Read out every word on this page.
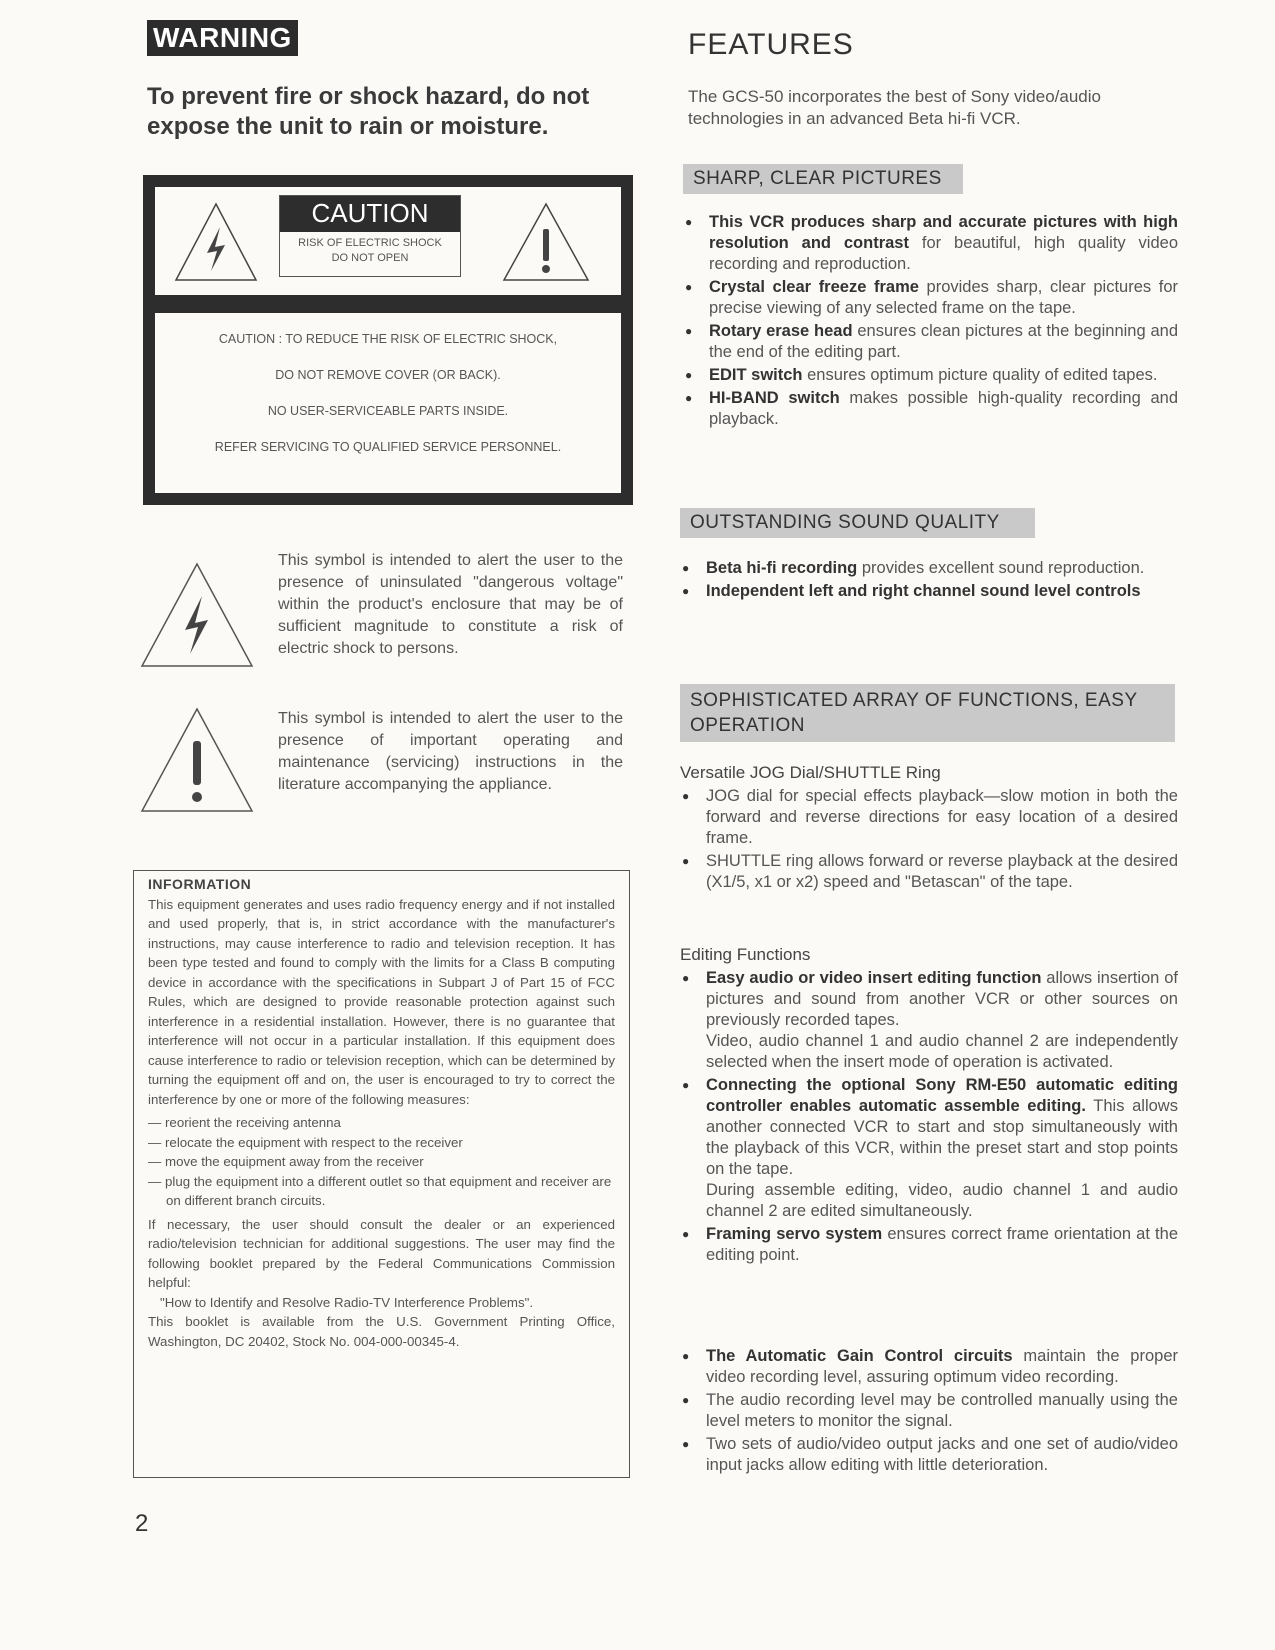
WARNING
To prevent fire or shock hazard, do not expose the unit to rain or moisture.
CAUTION
RISK OF ELECTRIC SHOCK
DO NOT OPEN

CAUTION : TO REDUCE THE RISK OF ELECTRIC SHOCK,

DO NOT REMOVE COVER (OR BACK).

NO USER-SERVICEABLE PARTS INSIDE.

REFER SERVICING TO QUALIFIED SERVICE PERSONNEL.

This symbol is intended to alert the user to the presence of uninsulated "dangerous voltage" within the product's enclosure that may be of sufficient magnitude to constitute a risk of electric shock to persons.
This symbol is intended to alert the user to the presence of important operating and maintenance (servicing) instructions in the literature accompanying the appliance.
INFORMATION

This equipment generates and uses radio frequency energy and if not installed and used properly, that is, in strict accordance with the manufacturer's instructions, may cause interference to radio and television reception. It has been type tested and found to comply with the limits for a Class B computing device in accordance with the specifications in Subpart J of Part 15 of FCC Rules, which are designed to provide reasonable protection against such interference in a residential installation. However, there is no guarantee that interference will not occur in a particular installation. If this equipment does cause interference to radio or television reception, which can be determined by turning the equipment off and on, the user is encouraged to try to correct the interference by one or more of the following measures:

— reorient the receiving antenna
— relocate the equipment with respect to the receiver
— move the equipment away from the receiver
— plug the equipment into a different outlet so that equipment and receiver are on different branch circuits.

If necessary, the user should consult the dealer or an experienced radio/television technician for additional suggestions. The user may find the following booklet prepared by the Federal Communications Commission helpful:

"How to Identify and Resolve Radio-TV Interference Problems".

This booklet is available from the U.S. Government Printing Office, Washington, DC 20402, Stock No. 004-000-00345-4.

2
FEATURES
The GCS-50 incorporates the best of Sony video/audio technologies in an advanced Beta hi-fi VCR.
SHARP, CLEAR PICTURES
● This VCR produces sharp and accurate pictures with high resolution and contrast for beautiful, high quality video recording and reproduction.
● Crystal clear freeze frame provides sharp, clear pictures for precise viewing of any selected frame on the tape.
● Rotary erase head ensures clean pictures at the beginning and the end of the editing part.
● EDIT switch ensures optimum picture quality of edited tapes.
● HI-BAND switch makes possible high-quality recording and playback.
OUTSTANDING SOUND QUALITY
● Beta hi-fi recording provides excellent sound reproduction.
● Independent left and right channel sound level controls
SOPHISTICATED ARRAY OF FUNCTIONS, EASY OPERATION
Versatile JOG Dial/SHUTTLE Ring
● JOG dial for special effects playback—slow motion in both the forward and reverse directions for easy location of a desired frame.
● SHUTTLE ring allows forward or reverse playback at the desired (X1/5, x1 or x2) speed and "Betascan" of the tape.
Editing Functions
● Easy audio or video insert editing function allows insertion of pictures and sound from another VCR or other sources on previously recorded tapes.
Video, audio channel 1 and audio channel 2 are independently selected when the insert mode of operation is activated.
● Connecting the optional Sony RM-E50 automatic editing controller enables automatic assemble editing. This allows another connected VCR to start and stop simultaneously with the playback of this VCR, within the preset start and stop points on the tape.
During assemble editing, video, audio channel 1 and audio channel 2 are edited simultaneously.
● Framing servo system ensures correct frame orientation at the editing point.
● The Automatic Gain Control circuits maintain the proper video recording level, assuring optimum video recording.
● The audio recording level may be controlled manually using the level meters to monitor the signal.
● Two sets of audio/video output jacks and one set of audio/video input jacks allow editing with little deterioration.
